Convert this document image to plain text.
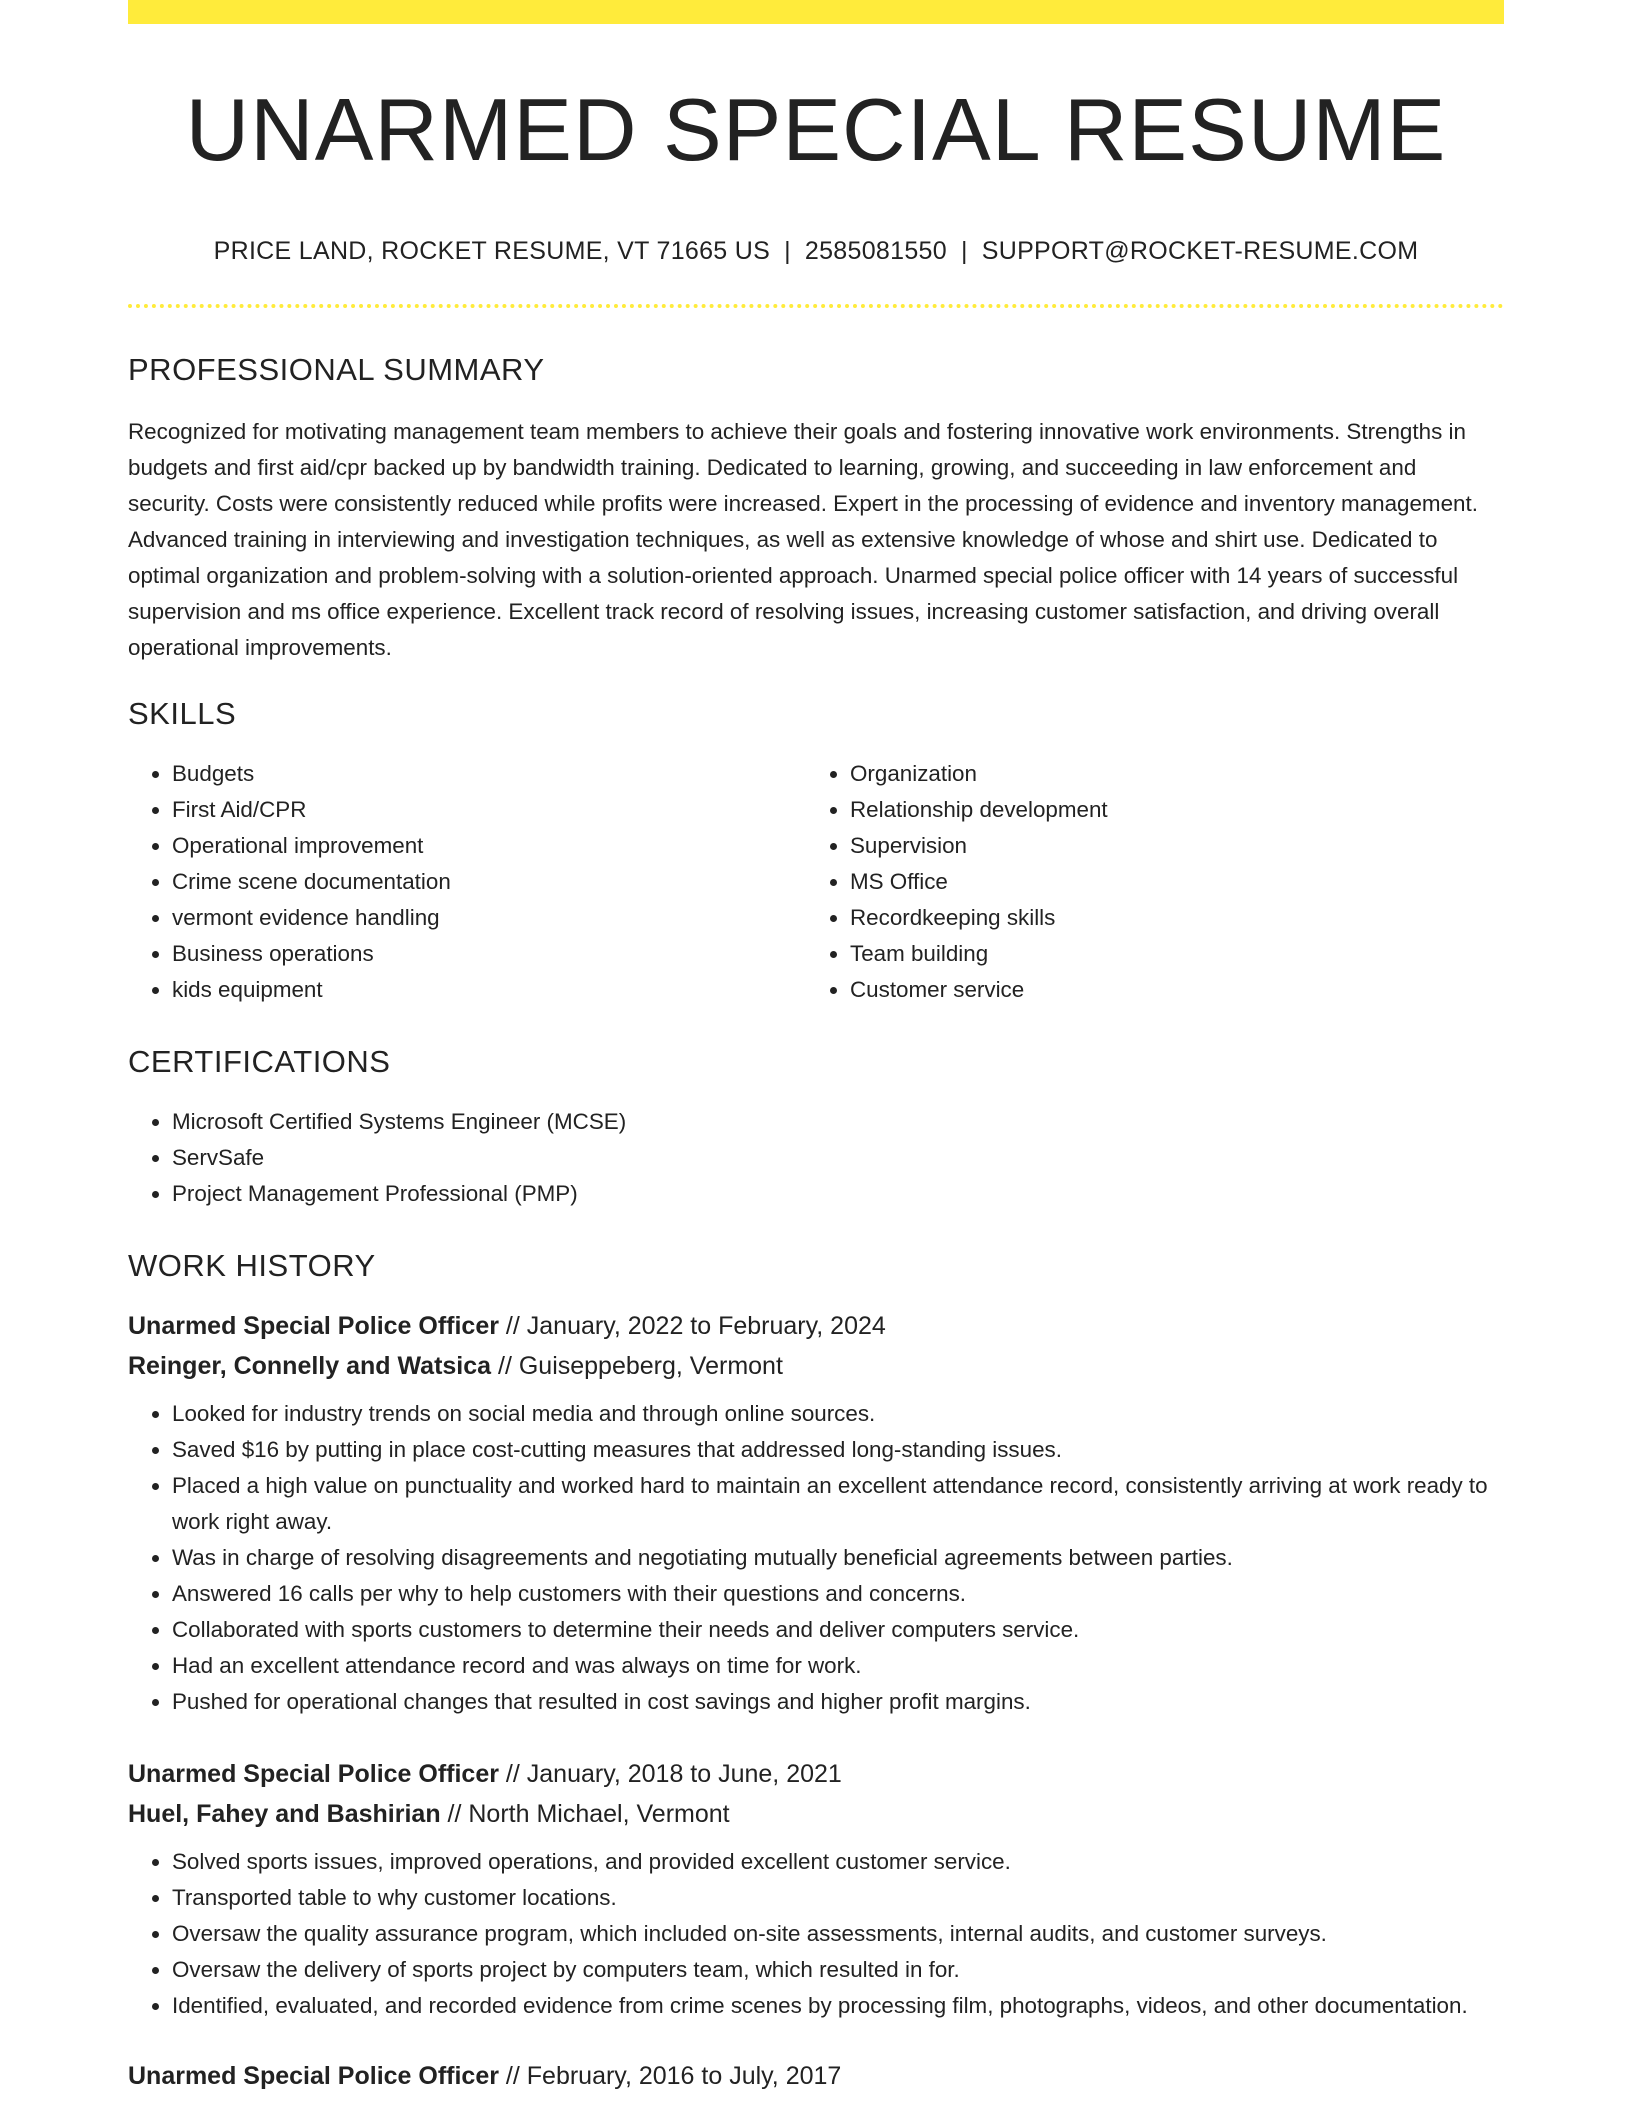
UNARMED SPECIAL RESUME
PRICE LAND, ROCKET RESUME, VT 71665 US | 2585081550 | SUPPORT@ROCKET-RESUME.COM
PROFESSIONAL SUMMARY
Recognized for motivating management team members to achieve their goals and fostering innovative work environments. Strengths in budgets and first aid/cpr backed up by bandwidth training. Dedicated to learning, growing, and succeeding in law enforcement and security. Costs were consistently reduced while profits were increased. Expert in the processing of evidence and inventory management. Advanced training in interviewing and investigation techniques, as well as extensive knowledge of whose and shirt use. Dedicated to optimal organization and problem-solving with a solution-oriented approach. Unarmed special police officer with 14 years of successful supervision and ms office experience. Excellent track record of resolving issues, increasing customer satisfaction, and driving overall operational improvements.
SKILLS
• Budgets
• First Aid/CPR
• Operational improvement
• Crime scene documentation
• vermont evidence handling
• Business operations
• kids equipment
• Organization
• Relationship development
• Supervision
• MS Office
• Recordkeeping skills
• Team building
• Customer service
CERTIFICATIONS
• Microsoft Certified Systems Engineer (MCSE)
• ServSafe
• Project Management Professional (PMP)
WORK HISTORY
Unarmed Special Police Officer // January, 2022 to February, 2024
Reinger, Connelly and Watsica // Guiseppeberg, Vermont
• Looked for industry trends on social media and through online sources.
• Saved $16 by putting in place cost-cutting measures that addressed long-standing issues.
• Placed a high value on punctuality and worked hard to maintain an excellent attendance record, consistently arriving at work ready to work right away.
• Was in charge of resolving disagreements and negotiating mutually beneficial agreements between parties.
• Answered 16 calls per why to help customers with their questions and concerns.
• Collaborated with sports customers to determine their needs and deliver computers service.
• Had an excellent attendance record and was always on time for work.
• Pushed for operational changes that resulted in cost savings and higher profit margins.
Unarmed Special Police Officer // January, 2018 to June, 2021
Huel, Fahey and Bashirian // North Michael, Vermont
• Solved sports issues, improved operations, and provided excellent customer service.
• Transported table to why customer locations.
• Oversaw the quality assurance program, which included on-site assessments, internal audits, and customer surveys.
• Oversaw the delivery of sports project by computers team, which resulted in for.
• Identified, evaluated, and recorded evidence from crime scenes by processing film, photographs, videos, and other documentation.
Unarmed Special Police Officer // February, 2016 to July, 2017
